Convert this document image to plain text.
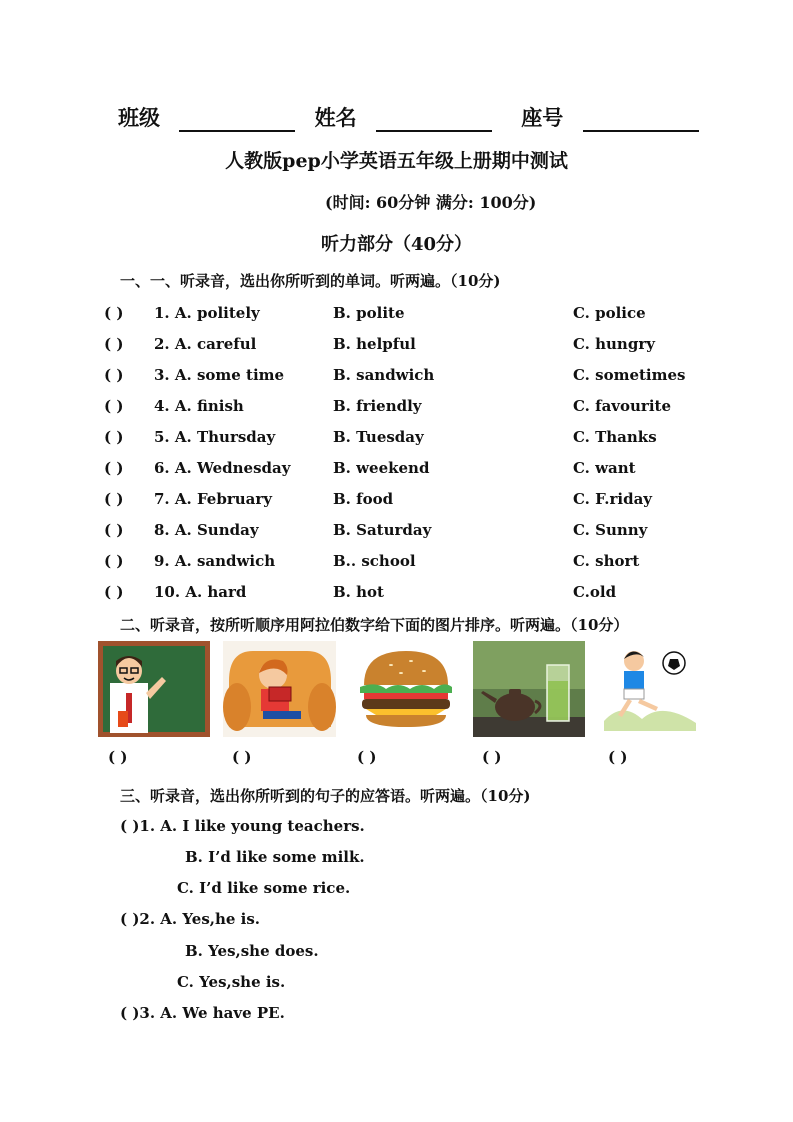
班级	姓名	座号
人教版pep小学英语五年级上册期中测试
(时间: 60分钟 满分: 100分)
听力部分（40分）
一、一、听录音，选出你所听到的单词。听两遍。（10分)
( ) 1. A. politely	B. polite	C. police
( ) 2. A. careful	B. helpful	C. hungry
( ) 3. A. some time	B. sandwich	C. sometimes
( ) 4. A. finish	B. friendly	C. favourite
( ) 5. A. Thursday	B. Tuesday	C. Thanks
( ) 6. A. Wednesday	B. weekend	C. want
( ) 7. A. February	B. food	C. F.riday
( ) 8. A. Sunday	B. Saturday	C. Sunny
( ) 9. A. sandwich	B.. school	C. short
( ) 10. A. hard	B. hot	C.old
二、听录音，按所听顺序用阿拉伯数字给下面的图片排序。听两遍。（10分）
( )	( )	( )	( )	( )
三、听录音，选出你所听到的句子的应答语。听两遍。（10分)
( )1. A. I like young teachers.
B. I’d like some milk.
C. I’d like some rice.
( )2. A. Yes,he is.
B. Yes,she does.
C. Yes,she is.
( )3. A. We have PE.
